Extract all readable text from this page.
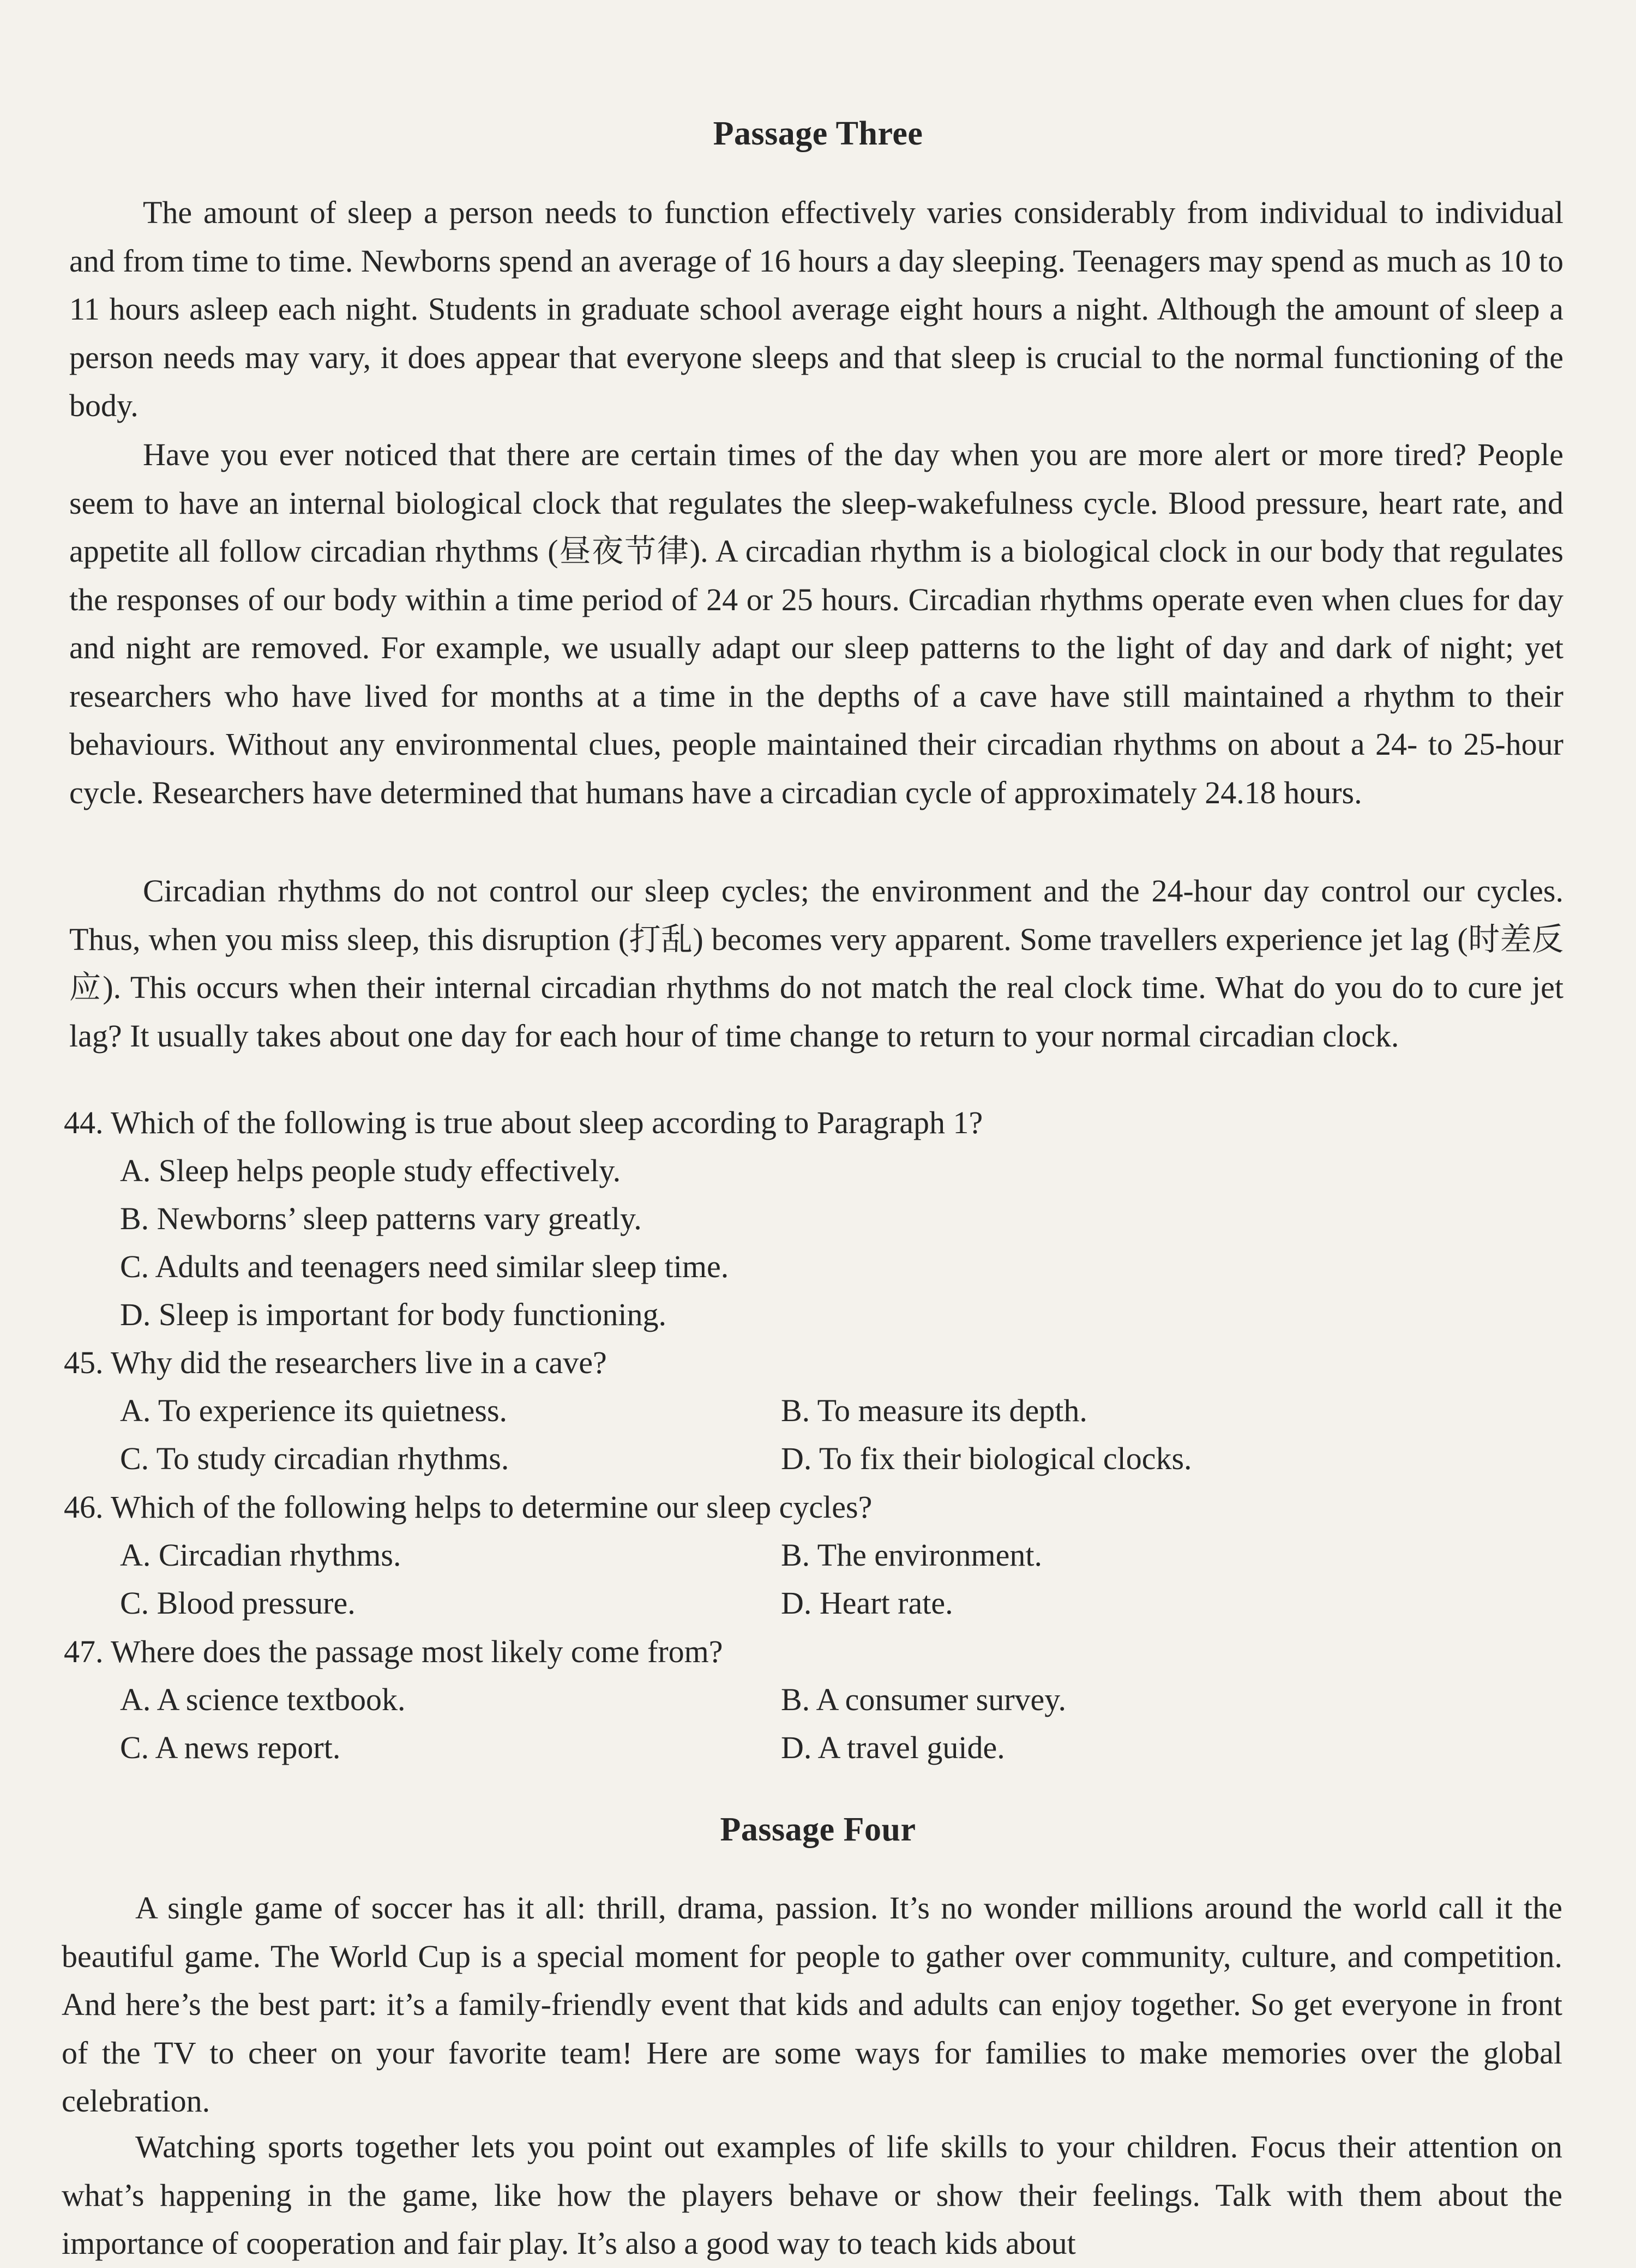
Passage Three

The amount of sleep a person needs to function effectively varies considerably from individual to individual and from time to time. Newborns spend an average of 16 hours a day sleeping. Teenagers may spend as much as 10 to 11 hours asleep each night. Students in graduate school average eight hours a night. Although the amount of sleep a person needs may vary, it does appear that everyone sleeps and that sleep is crucial to the normal functioning of the body.

Have you ever noticed that there are certain times of the day when you are more alert or more tired? People seem to have an internal biological clock that regulates the sleep-wakefulness cycle. Blood pressure, heart rate, and appetite all follow circadian rhythms (昼夜节律). A circadian rhythm is a biological clock in our body that regulates the responses of our body within a time period of 24 or 25 hours. Circadian rhythms operate even when clues for day and night are removed. For example, we usually adapt our sleep patterns to the light of day and dark of night; yet researchers who have lived for months at a time in the depths of a cave have still maintained a rhythm to their behaviours. Without any environmental clues, people maintained their circadian rhythms on about a 24- to 25-hour cycle. Researchers have determined that humans have a circadian cycle of approximately 24.18 hours.

Circadian rhythms do not control our sleep cycles; the environment and the 24-hour day control our cycles. Thus, when you miss sleep, this disruption (打乱) becomes very apparent. Some travellers experience jet lag (时差反应). This occurs when their internal circadian rhythms do not match the real clock time. What do you do to cure jet lag? It usually takes about one day for each hour of time change to return to your normal circadian clock.

44. Which of the following is true about sleep according to Paragraph 1?
A. Sleep helps people study effectively.
B. Newborns’ sleep patterns vary greatly.
C. Adults and teenagers need similar sleep time.
D. Sleep is important for body functioning.
45. Why did the researchers live in a cave?
A. To experience its quietness.	B. To measure its depth.
C. To study circadian rhythms.	D. To fix their biological clocks.
46. Which of the following helps to determine our sleep cycles?
A. Circadian rhythms.	B. The environment.
C. Blood pressure.	D. Heart rate.
47. Where does the passage most likely come from?
A. A science textbook.	B. A consumer survey.
C. A news report.	D. A travel guide.
Passage Four

A single game of soccer has it all: thrill, drama, passion. It’s no wonder millions around the world call it the beautiful game. The World Cup is a special moment for people to gather over community, culture, and competition. And here’s the best part: it’s a family-friendly event that kids and adults can enjoy together. So get everyone in front of the TV to cheer on your favorite team! Here are some ways for families to make memories over the global celebration.

Watching sports together lets you point out examples of life skills to your children. Focus their attention on what’s happening in the game, like how the players behave or show their feelings. Talk with them about the importance of cooperation and fair play. It’s also a good way to teach kids about
